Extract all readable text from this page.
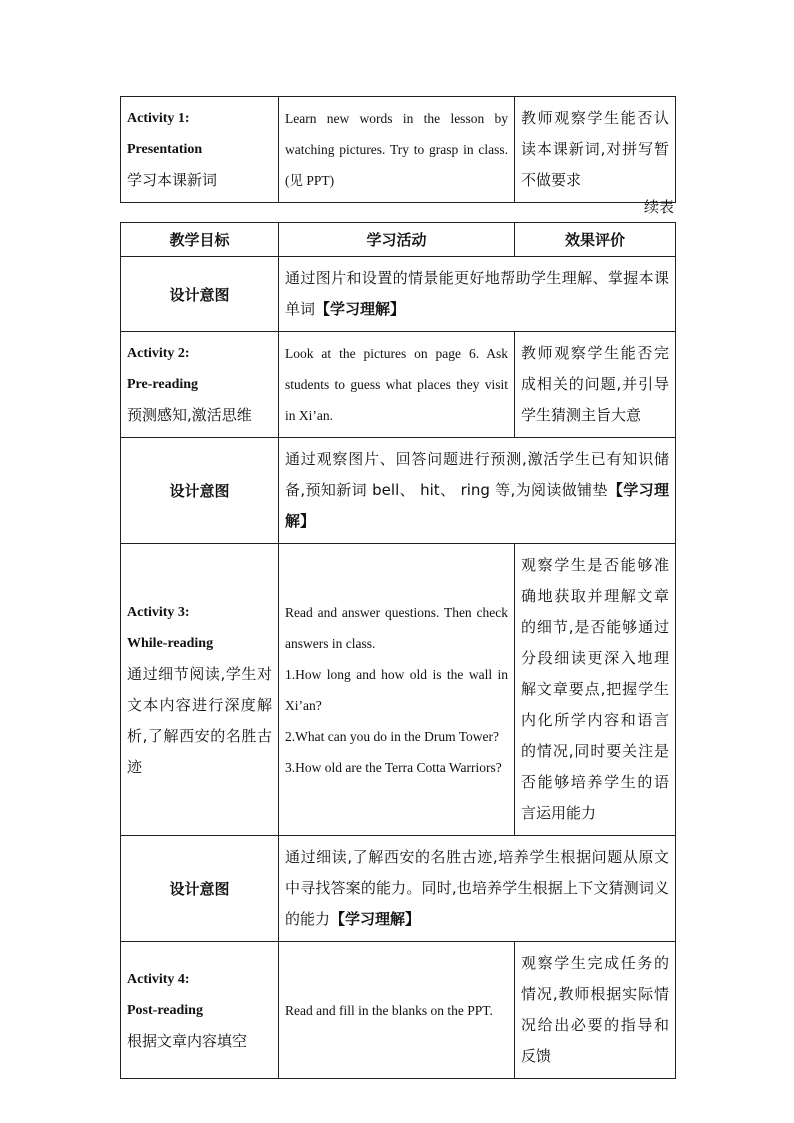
Activity 1:
Presentation
学习本课新词
	Learn new words in the lesson by watching pictures. Try to grasp in class.(见 PPT)	教师观察学生能否认读本课新词,对拼写暂不做要求
续表
教学目标	学习活动	效果评价
设计意图	通过图片和设置的情景能更好地帮助学生理解、掌握本课单词【学习理解】	

Activity 2:
Pre-reading
预测感知,激活思维	Look at the pictures on page 6. Ask students to guess what places they visit in Xi’an.	教师观察学生能否完成相关的问题,并引导学生猜测主旨大意
设计意图	通过观察图片、回答问题进行预测,激活学生已有知识储备,预知新词 bell、 hit、 ring 等,为阅读做铺垫【学习理解】	

Activity 3:
While-reading
通过细节阅读,学生对文本内容进行深度解析,了解西安的名胜古迹	Read and answer questions. Then check answers in class.
1.How long and how old is the wall in Xi’an?
2.What can you do in the Drum Tower?
3.How old are the Terra Cotta Warriors?	观察学生是否能够准确地获取并理解文章的细节,是否能够通过分段细读更深入地理解文章要点,把握学生内化所学内容和语言的情况,同时要关注是否能够培养学生的语言运用能力
设计意图	通过细读,了解西安的名胜古迹,培养学生根据问题从原文中寻找答案的能力。同时,也培养学生根据上下文猜测词义的能力【学习理解】	

Activity 4:
Post-reading
根据文章内容填空	Read and fill in the blanks on the PPT.	观察学生完成任务的情况,教师根据实际情况给出必要的指导和反馈
